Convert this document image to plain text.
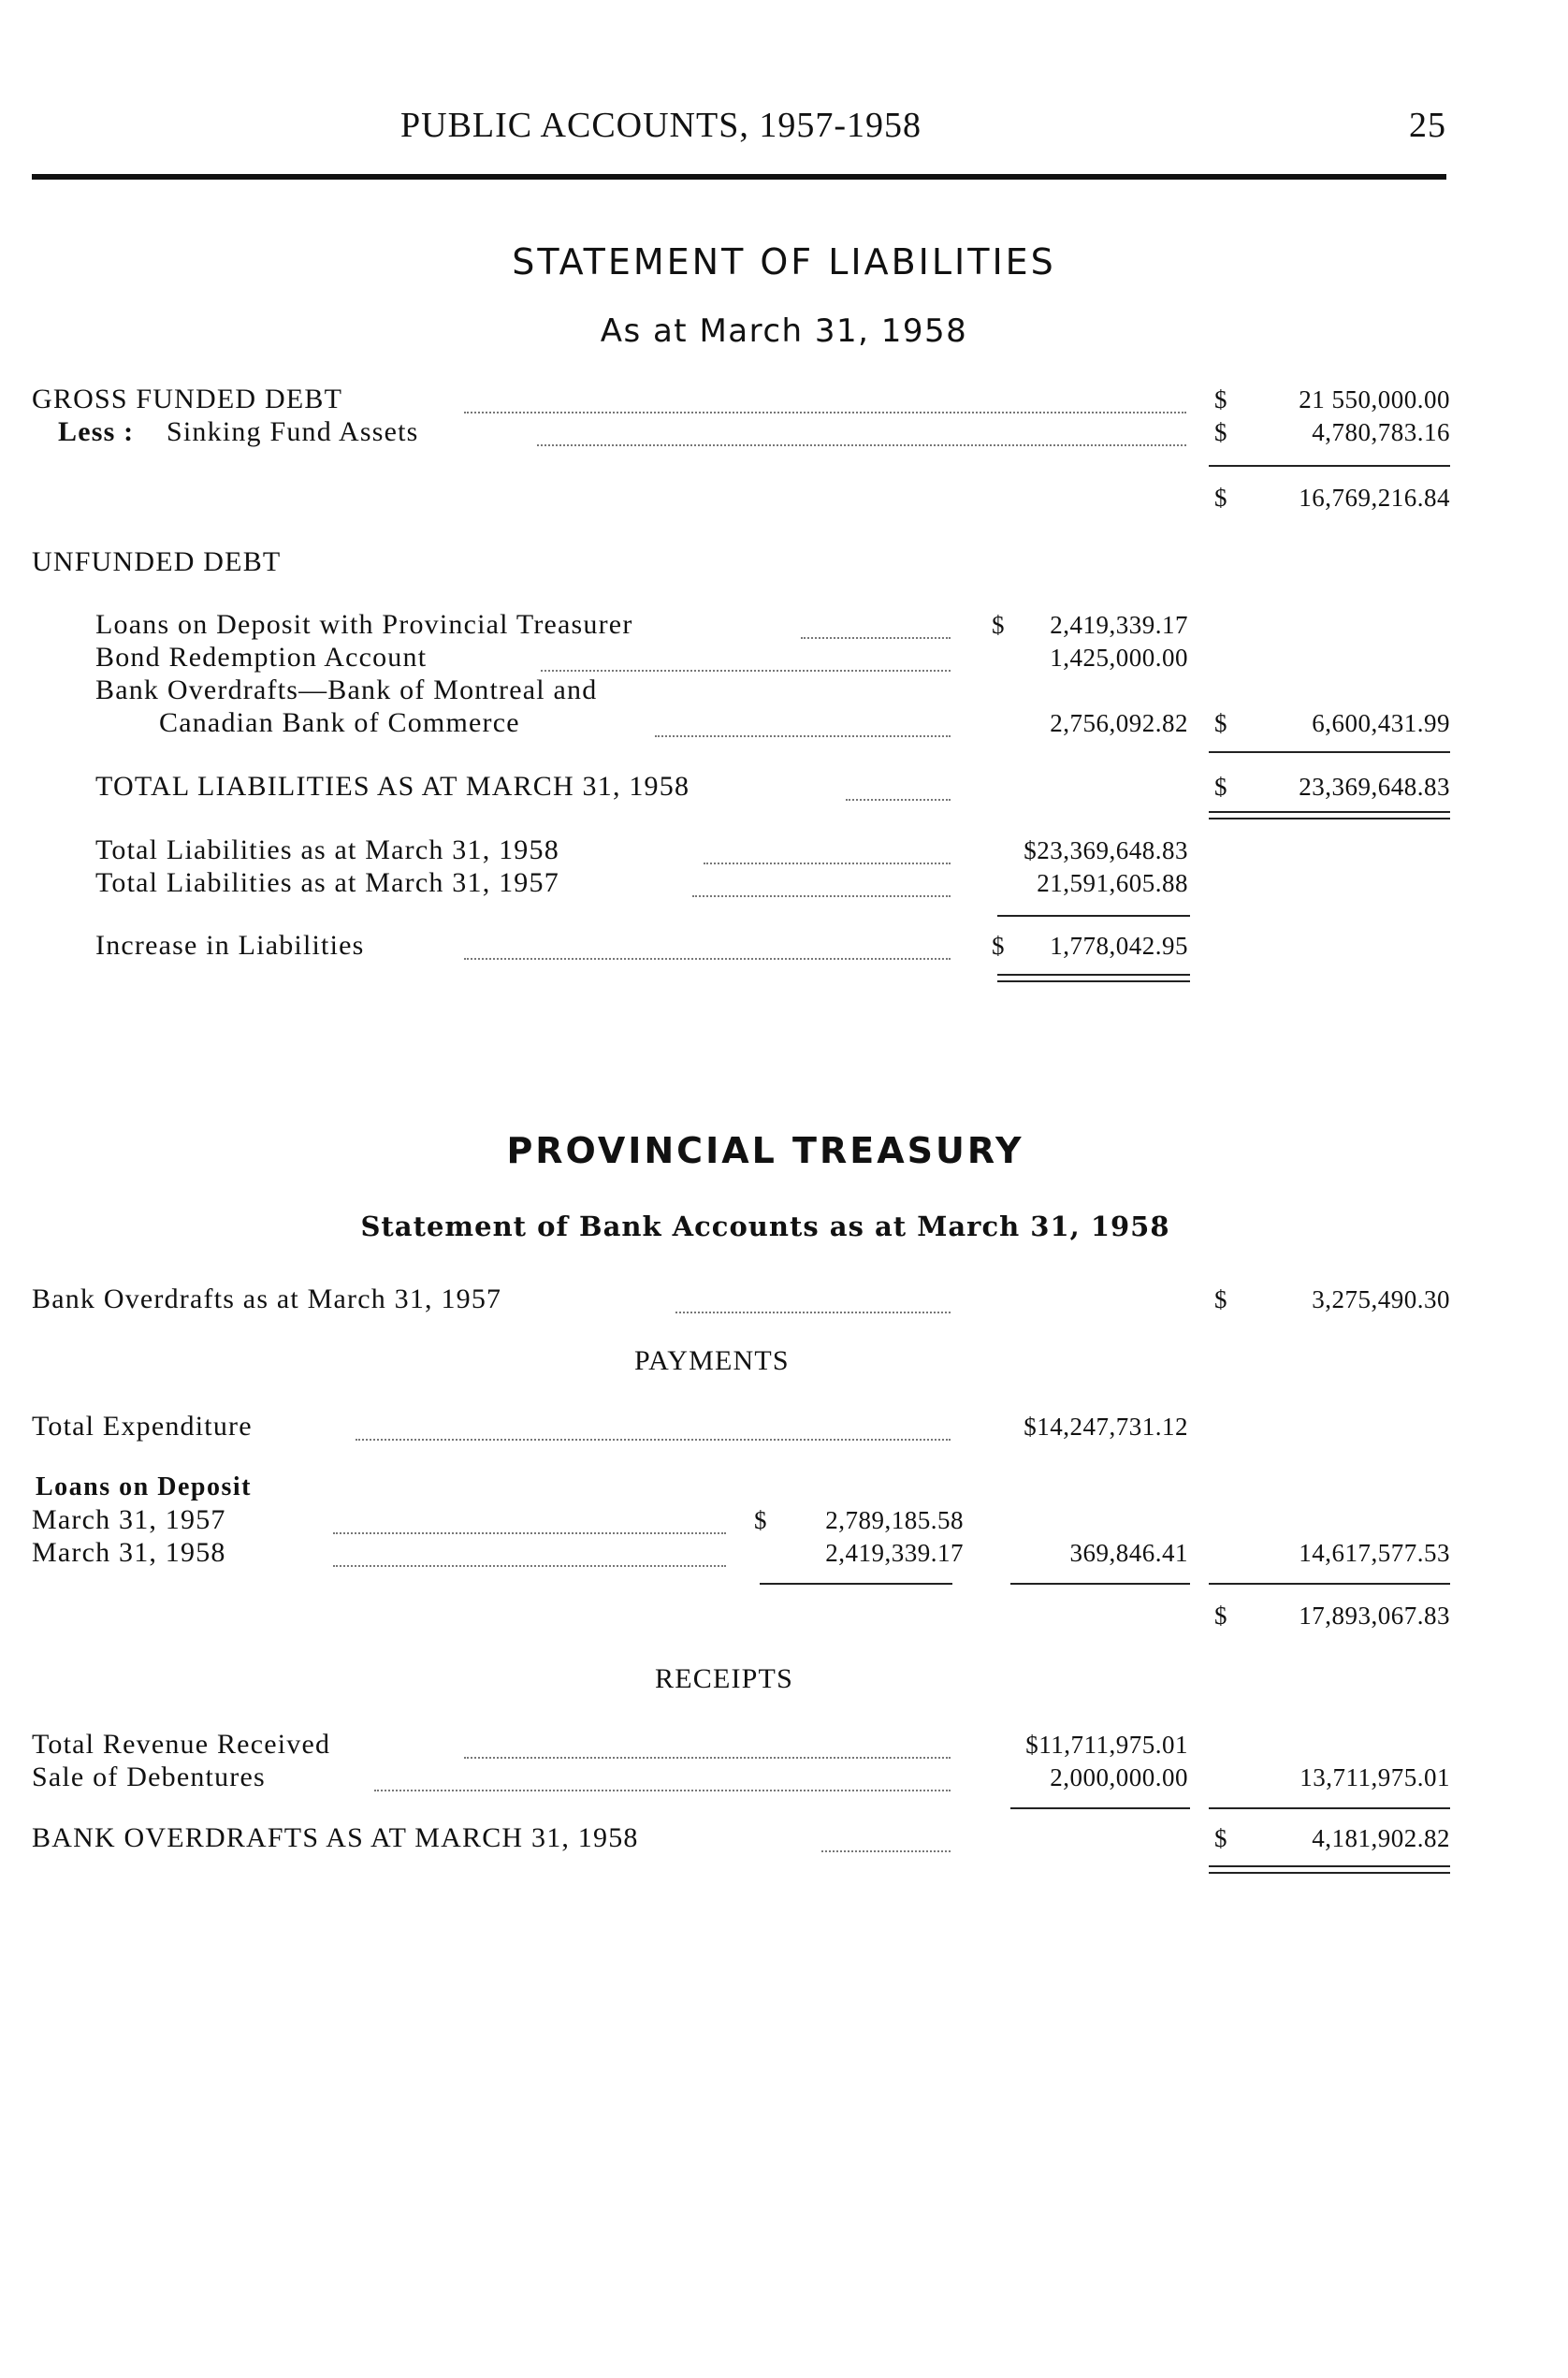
PUBLIC ACCOUNTS, 1957-1958	25
STATEMENT OF LIABILITIES
As at March 31, 1958
GROSS FUNDED DEBT	$	21 550,000.00
Less : Sinking Fund Assets	$	4,780,783.16
$	16,769,216.84
UNFUNDED DEBT
Loans on Deposit with Provincial Treasurer	$	2,419,339.17
Bond Redemption Account	1,425,000.00
Bank Overdrafts—Bank of Montreal and
Canadian Bank of Commerce	2,756,092.82 $	6,600,431.99
TOTAL LIABILITIES AS AT MARCH 31, 1958	$	23,369,648.83
Total Liabilities as at March 31, 1958	$23,369,648.83
Total Liabilities as at March 31, 1957	21,591,605.88
Increase in Liabilities	$	1,778,042.95
PROVINCIAL TREASURY
Statement of Bank Accounts as at March 31, 1958
Bank Overdrafts as at March 31, 1957	$	3,275,490.30
PAYMENTS
Total Expenditure	$14,247,731.12
Loans on Deposit
March 31, 1957	$	2,789,185.58
March 31, 1958	2,419,339.17	369,846.41	14,617,577.53
$	17,893,067.83
RECEIPTS
Total Revenue Received	$11,711,975.01
Sale of Debentures	2,000,000.00	13,711,975.01
BANK OVERDRAFTS AS AT MARCH 31, 1958	$	4,181,902.82
